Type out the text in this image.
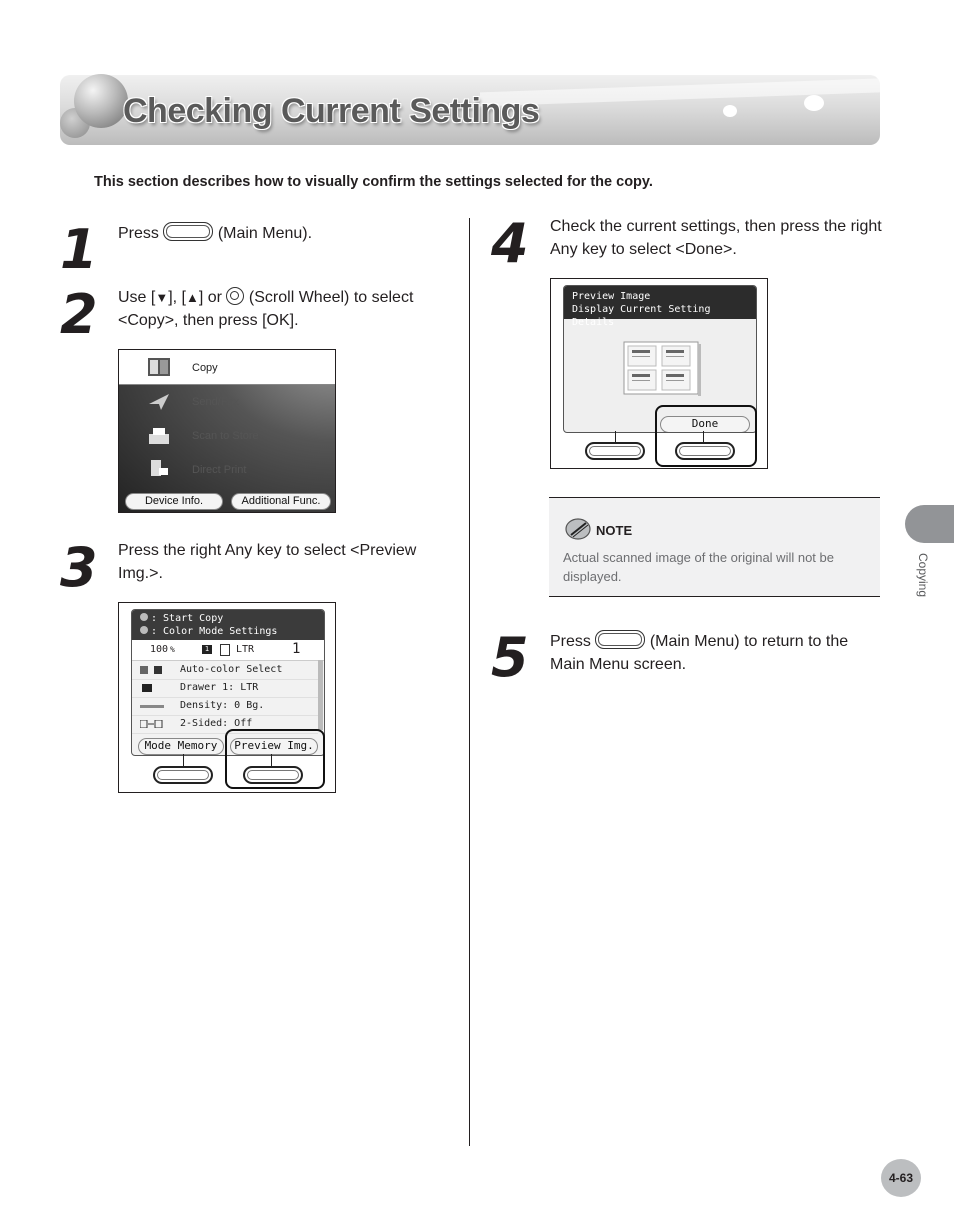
Checking Current Settings
This section describes how to visually confirm the settings selected for the copy.
1 Press	(Main Menu).
2 Use [▼], [▲] or (Scroll Wheel) to select <Copy>, then press [OK].
Copy
Send/Fax
Scan to Store
Direct Print
Device Info.	Additional Func.
3 Press the right Any key to select <Preview Img.>.
: Start Copy
: Color Mode Settings
100 %	1	LTR	1
Auto-color Select
Drawer 1: LTR
Density: 0 Bg.
2-Sided: Off
Mode Memory	Preview Img.
4 Check the current settings, then press the right Any key to select <Done>.
Preview Image
Display Current Setting Details
Done
NOTE
Actual scanned image of the original will not be displayed.
5 Press	(Main Menu) to return to the Main Menu screen.
Copying
4-63
